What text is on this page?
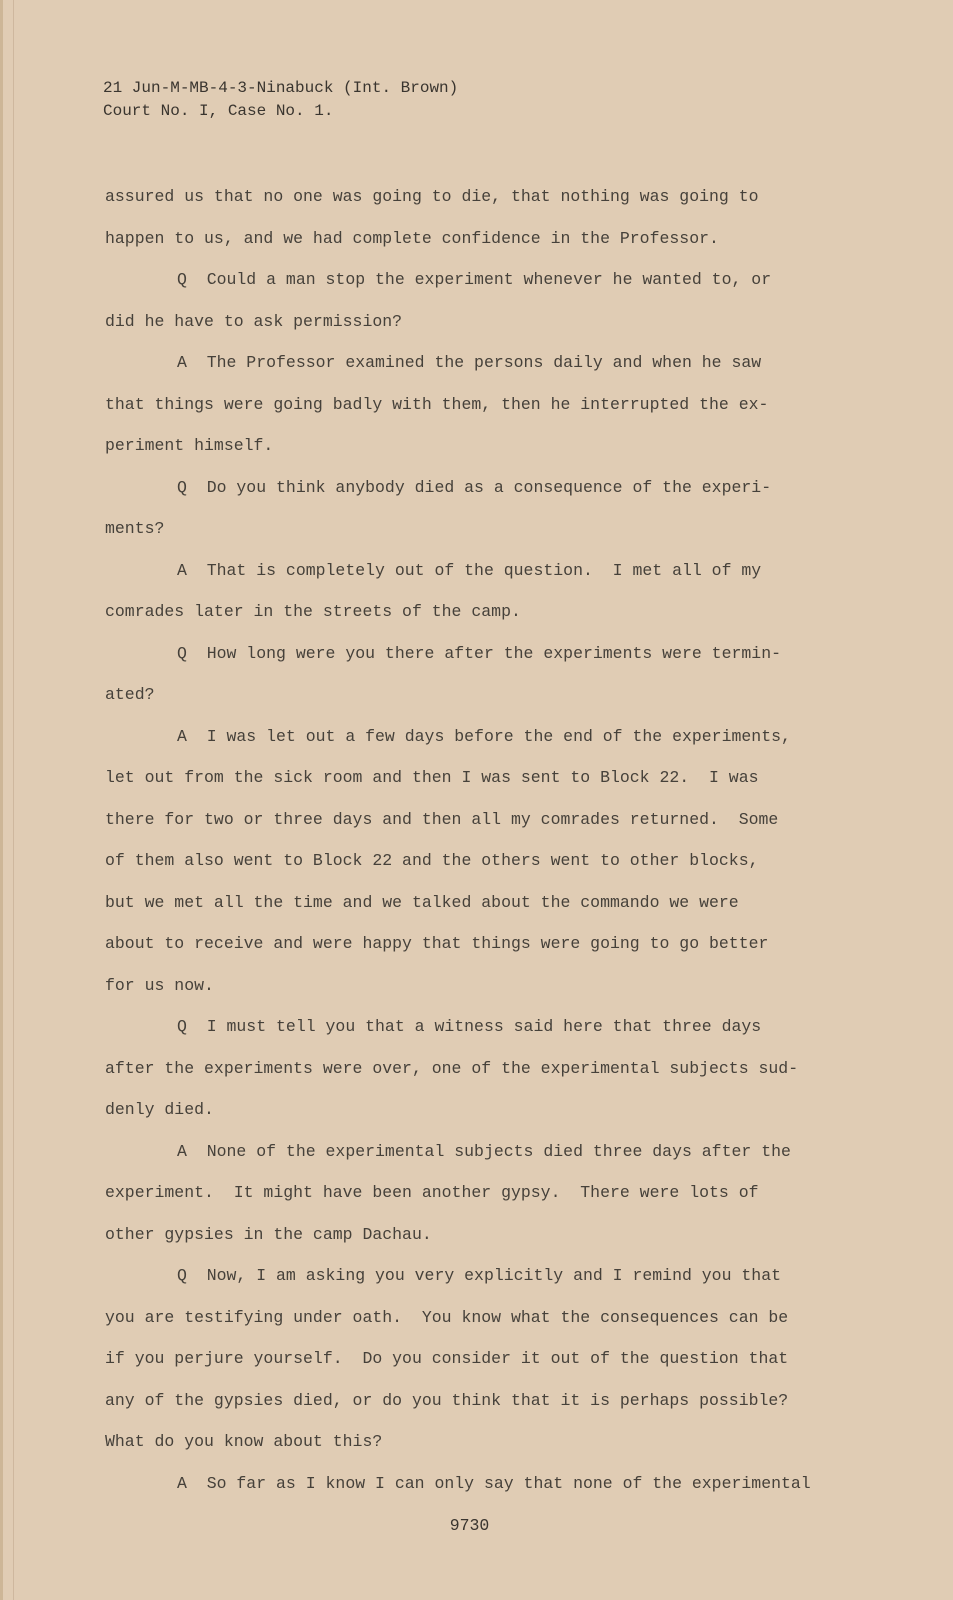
21 Jun-M-MB-4-3-Ninabuck (Int. Brown)
Court No. I, Case No. 1.
assured us that no one was going to die, that nothing was going to
happen to us, and we had complete confidence in the Professor.
Q  Could a man stop the experiment whenever he wanted to, or
did he have to ask permission?
A  The Professor examined the persons daily and when he saw
that things were going badly with them, then he interrupted the ex-
periment himself.
Q  Do you think anybody died as a consequence of the experi-
ments?
A  That is completely out of the question.  I met all of my
comrades later in the streets of the camp.
Q  How long were you there after the experiments were termin-
ated?
A  I was let out a few days before the end of the experiments,
let out from the sick room and then I was sent to Block 22.  I was
there for two or three days and then all my comrades returned.  Some
of them also went to Block 22 and the others went to other blocks,
but we met all the time and we talked about the commando we were
about to receive and were happy that things were going to go better
for us now.
Q  I must tell you that a witness said here that three days
after the experiments were over, one of the experimental subjects sud-
denly died.
A  None of the experimental subjects died three days after the
experiment.  It might have been another gypsy.  There were lots of
other gypsies in the camp Dachau.
Q  Now, I am asking you very explicitly and I remind you that
you are testifying under oath.  You know what the consequences can be
if you perjure yourself.  Do you consider it out of the question that
any of the gypsies died, or do you think that it is perhaps possible?
What do you know about this?
A  So far as I know I can only say that none of the experimental
9730
